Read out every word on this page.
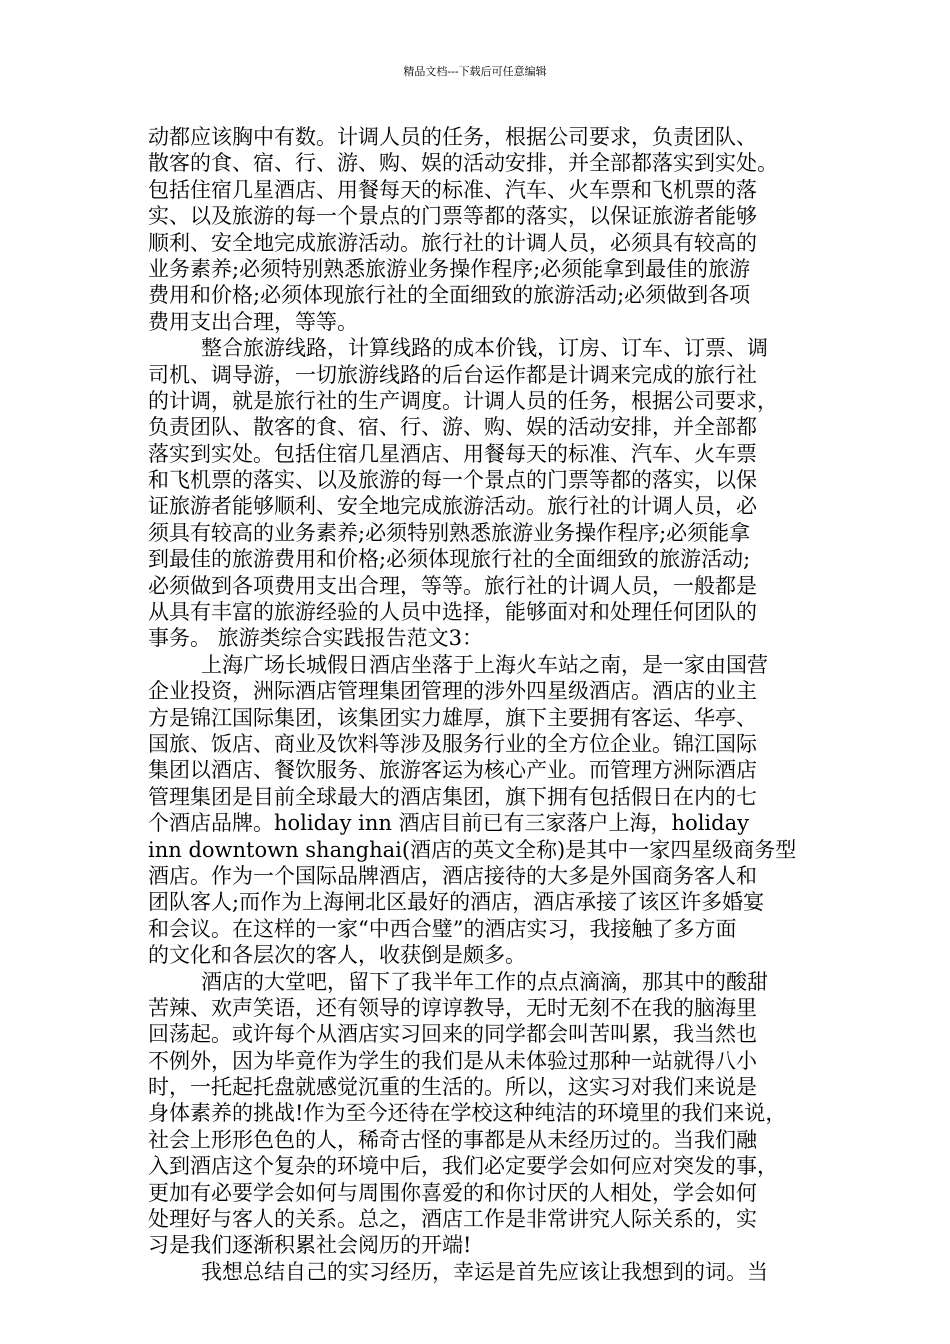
精品文档---下载后可任意编辑
动都应该胸中有数。计调人员的任务，根据公司要求，负责团队、
散客的食、宿、行、游、购、娱的活动安排，并全部都落实到实处。
包括住宿几星酒店、用餐每天的标准、汽车、火车票和飞机票的落
实、以及旅游的每一个景点的门票等都的落实，以保证旅游者能够
顺利、安全地完成旅游活动。旅行社的计调人员，必须具有较高的
业务素养;必须特别熟悉旅游业务操作程序;必须能拿到最佳的旅游
费用和价格;必须体现旅行社的全面细致的旅游活动;必须做到各项
费用支出合理，等等。
整合旅游线路，计算线路的成本价钱，订房、订车、订票、调
司机、调导游，一切旅游线路的后台运作都是计调来完成的旅行社
的计调，就是旅行社的生产调度。计调人员的任务，根据公司要求，
负责团队、散客的食、宿、行、游、购、娱的活动安排，并全部都
落实到实处。包括住宿几星酒店、用餐每天的标准、汽车、火车票
和飞机票的落实、以及旅游的每一个景点的门票等都的落实，以保
证旅游者能够顺利、安全地完成旅游活动。旅行社的计调人员，必
须具有较高的业务素养;必须特别熟悉旅游业务操作程序;必须能拿
到最佳的旅游费用和价格;必须体现旅行社的全面细致的旅游活动;
必须做到各项费用支出合理，等等。旅行社的计调人员，一般都是
从具有丰富的旅游经验的人员中选择，能够面对和处理任何团队的
事务。 旅游类综合实践报告范文3：
上海广场长城假日酒店坐落于上海火车站之南，是一家由国营
企业投资，洲际酒店管理集团管理的涉外四星级酒店。酒店的业主
方是锦江国际集团，该集团实力雄厚，旗下主要拥有客运、华亭、
国旅、饭店、商业及饮料等涉及服务行业的全方位企业。锦江国际
集团以酒店、餐饮服务、旅游客运为核心产业。而管理方洲际酒店
管理集团是目前全球最大的酒店集团，旗下拥有包括假日在内的七
个酒店品牌。holiday inn 酒店目前已有三家落户上海，holiday
inn downtown shanghai(酒店的英文全称)是其中一家四星级商务型
酒店。作为一个国际品牌酒店，酒店接待的大多是外国商务客人和
团队客人;而作为上海闸北区最好的酒店，酒店承接了该区许多婚宴
和会议。在这样的一家“中西合璧”的酒店实习，我接触了多方面
的文化和各层次的客人，收获倒是颇多。
酒店的大堂吧，留下了我半年工作的点点滴滴，那其中的酸甜
苦辣、欢声笑语，还有领导的谆谆教导，无时无刻不在我的脑海里
回荡起。或许每个从酒店实习回来的同学都会叫苦叫累，我当然也
不例外，因为毕竟作为学生的我们是从未体验过那种一站就得八小
时，一托起托盘就感觉沉重的生活的。所以，这实习对我们来说是
身体素养的挑战!作为至今还待在学校这种纯洁的环境里的我们来说，
社会上形形色色的人，稀奇古怪的事都是从未经历过的。当我们融
入到酒店这个复杂的环境中后，我们必定要学会如何应对突发的事，
更加有必要学会如何与周围你喜爱的和你讨厌的人相处，学会如何
处理好与客人的关系。总之，酒店工作是非常讲究人际关系的，实
习是我们逐渐积累社会阅历的开端!
我想总结自己的实习经历，幸运是首先应该让我想到的词。当
